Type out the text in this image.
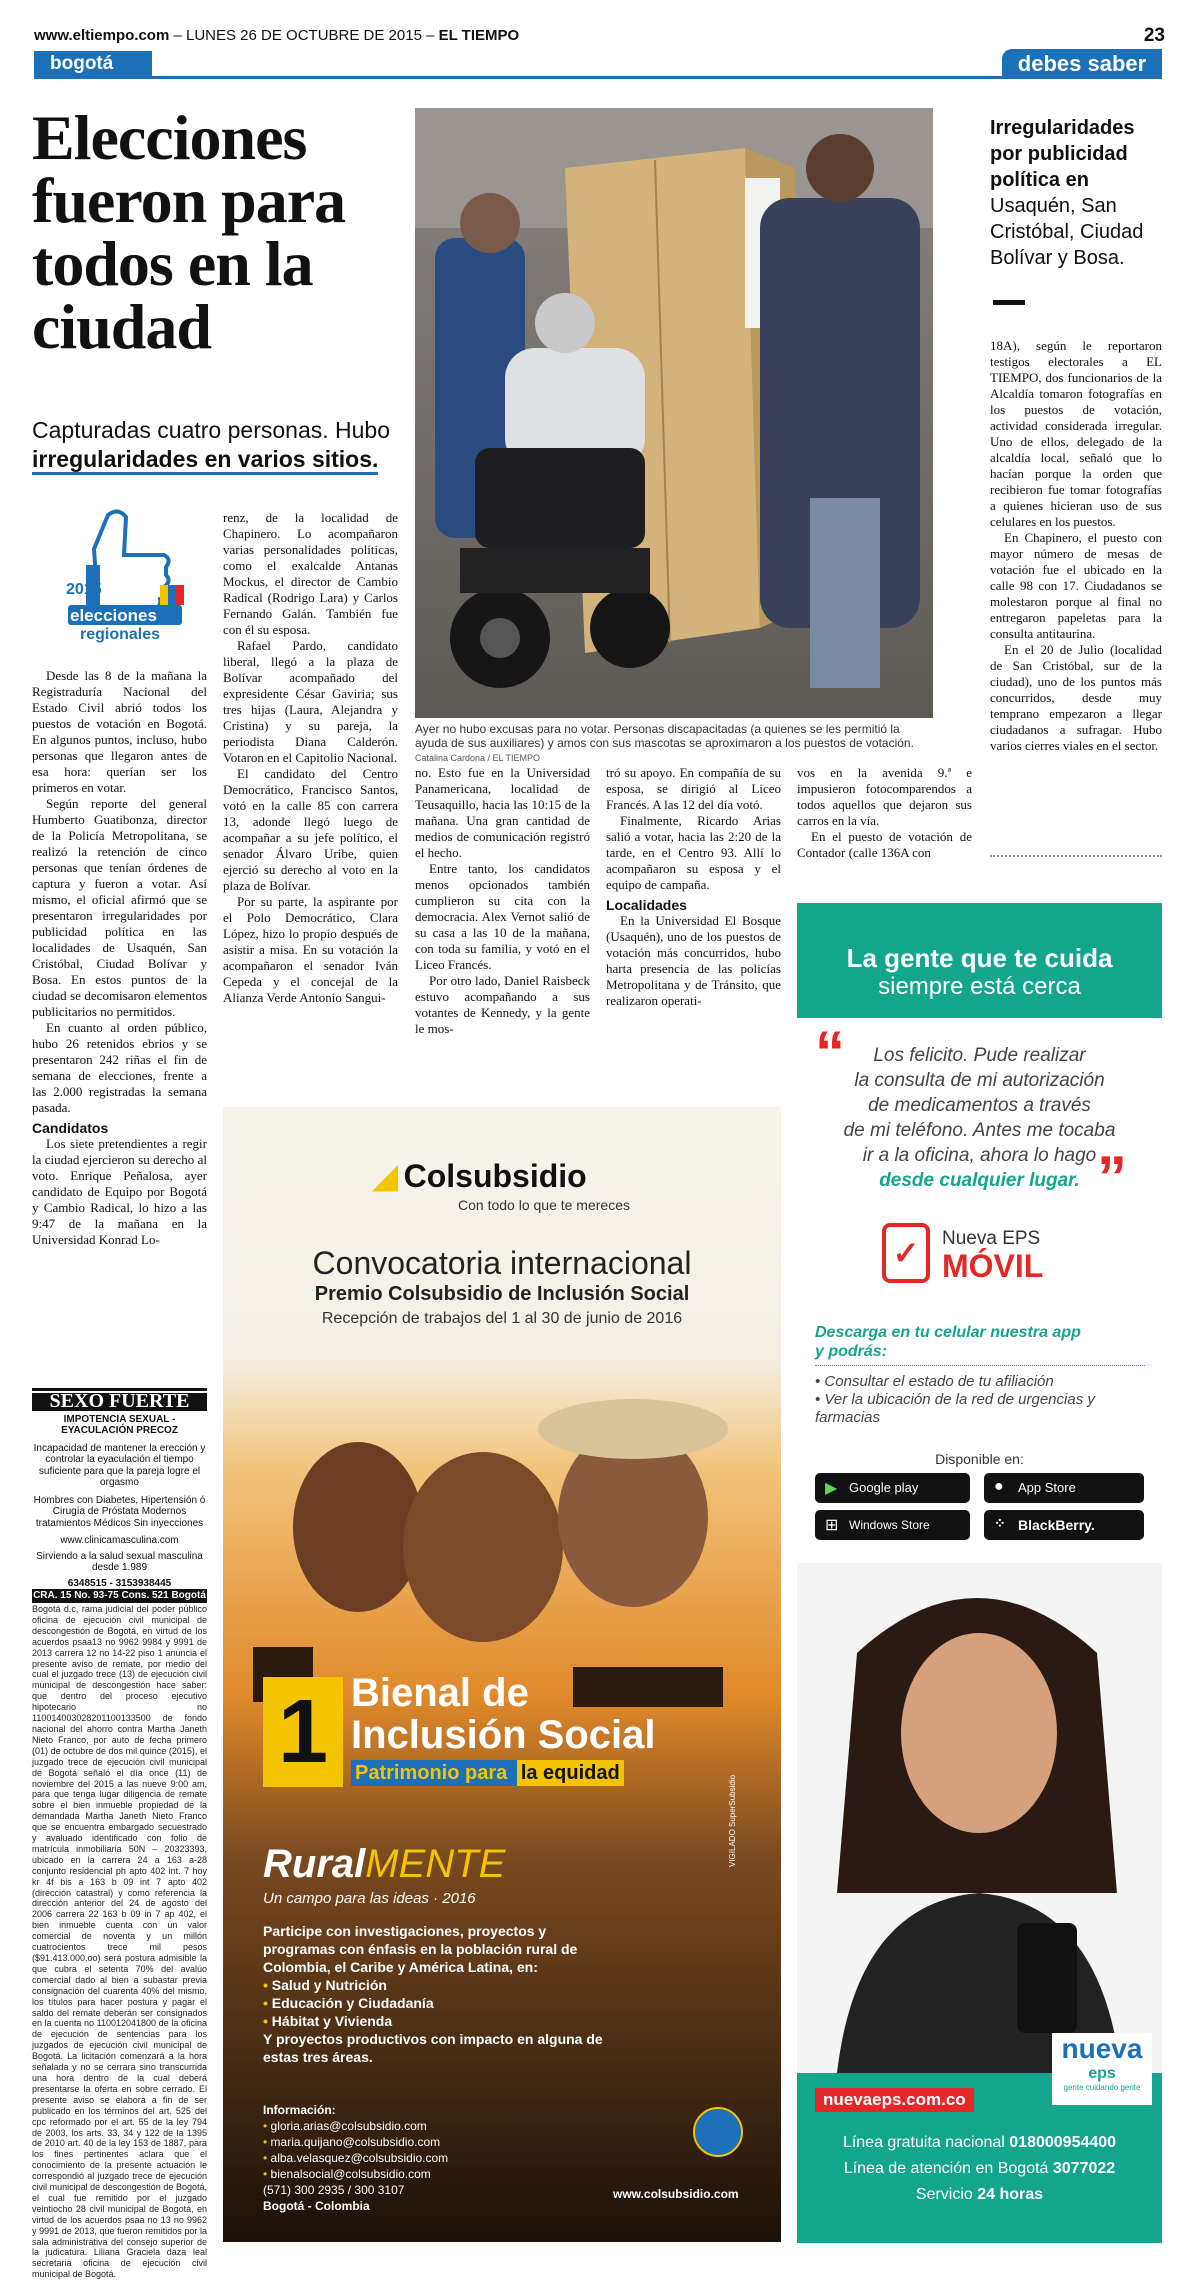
www.eltiempo.com – LUNES 26 DE OCTUBRE DE 2015 – EL TIEMPO	23
bogotá	debes saber
Elecciones fueron para todos en la ciudad
Capturadas cuatro personas. Hubo
irregularidades en varios sitios.
2015
elecciones
regionales
Ayer no hubo excusas para no votar. Personas discapacitadas (a quienes se les permitió la ayuda de sus auxiliares) y amos con sus mascotas se aproximaron a los puestos de votación. Catalina Cardona / EL TIEMPO
Irregularidades por publicidad política en
Usaquén, San Cristóbal, Ciudad Bolívar y Bosa.

Desde las 8 de la mañana la Registraduría Nacional del Estado Civil abrió todos los puestos de votación en Bogotá. En algunos puntos, incluso, hubo personas que llegaron antes de esa hora: querían ser los primeros en votar.

Según reporte del general Humberto Guatibonza, director de la Policía Metropolitana, se realizó la retención de cinco personas que tenían órdenes de captura y fueron a votar. Así mismo, el oficial afirmó que se presentaron irregularidades por publicidad política en las localidades de Usaquén, San Cristóbal, Ciudad Bolívar y Bosa. En estos puntos de la ciudad se decomisaron elementos publicitarios no permitidos.

En cuanto al orden público, hubo 26 retenidos ebrios y se presentaron 242 riñas el fin de semana de elecciones, frente a las 2.000 registradas la semana pasada.

Candidatos

Los siete pretendientes a regir la ciudad ejercieron su derecho al voto. Enrique Peñalosa, ayer candidato de Equipo por Bogotá y Cambio Radical, lo hizo a las 9:47 de la mañana en la Universidad Konrad Lo-

renz, de la localidad de Chapinero. Lo acompañaron varias personalidades políticas, como el exalcalde Antanas Mockus, el director de Cambio Radical (Rodrigo Lara) y Carlos Fernando Galán. También fue con él su esposa.

Rafael Pardo, candidato liberal, llegó a la plaza de Bolívar acompañado del expresidente César Gaviria; sus tres hijas (Laura, Alejandra y Cristina) y su pareja, la periodista Diana Calderón. Votaron en el Capitolio Nacional.

El candidato del Centro Democrático, Francisco Santos, votó en la calle 85 con carrera 13, adonde llegó luego de acompañar a su jefe político, el senador Álvaro Uribe, quien ejerció su derecho al voto en la plaza de Bolívar.

Por su parte, la aspirante por el Polo Democrático, Clara López, hizo lo propio después de asistir a misa. En su votación la acompañaron el senador Iván Cepeda y el concejal de la Alianza Verde Antonio Sangui-

no. Esto fue en la Universidad Panamericana, localidad de Teusaquillo, hacia las 10:15 de la mañana. Una gran cantidad de medios de comunicación registró el hecho.

Entre tanto, los candidatos menos opcionados también cumplieron su cita con la democracia. Alex Vernot salió de su casa a las 10 de la mañana, con toda su familia, y votó en el Liceo Francés.

Por otro lado, Daniel Raisbeck estuvo acompañando a sus votantes de Kennedy, y la gente le mos-

tró su apoyo. En compañía de su esposa, se dirigió al Liceo Francés. A las 12 del día votó.

Finalmente, Ricardo Arias salió a votar, hacia las 2:20 de la tarde, en el Centro 93. Allí lo acompañaron su esposa y el equipo de campaña.

Localidades

En la Universidad El Bosque (Usaquén), uno de los puestos de votación más concurridos, hubo harta presencia de las policías Metropolitana y de Tránsito, que realizaron operati-

vos en la avenida 9.ª e impusieron fotocomparendos a todos aquellos que dejaron sus carros en la vía.

En el puesto de votación de Contador (calle 136A con

18A), según le reportaron testigos electorales a EL TIEMPO, dos funcionarios de la Alcaldía tomaron fotografías en los puestos de votación, actividad considerada irregular. Uno de ellos, delegado de la alcaldía local, señaló que lo hacían porque la orden que recibieron fue tomar fotografías a quienes hicieran uso de sus celulares en los puestos.

En Chapinero, el puesto con mayor número de mesas de votación fue el ubicado en la calle 98 con 17. Ciudadanos se molestaron porque al final no entregaron papeletas para la consulta antitaurina.

En el 20 de Julio (localidad de San Cristóbal, sur de la ciudad), uno de los puntos más concurridos, desde muy temprano empezaron a llegar ciudadanos a sufragar. Hubo varios cierres viales en el sector.

SEXO FUERTE
IMPOTENCIA SEXUAL - EYACULACIÓN PRECOZ
Incapacidad de mantener la erección y controlar la eyaculación el tiempo suficiente para que la pareja logre el orgasmo
Hombres con Diabetes, Hipertensión ó Cirugía de Próstata Modernos tratamientos Médicos Sin inyecciones
www.clinicamasculina.com
Sirviendo a la salud sexual masculina desde 1.989
6348515 - 3153938445
CRA. 15 No. 93-75 Cons. 521 Bogotá
Bogotá d.c, rama judicial del poder público oficina de ejecución civil municipal de descongestión de Bogotá, en virtud de los acuerdos psaa13 no 9962 9984 y 9991 de 2013 carrera 12 no 14-22 piso 1 anuncia el presente aviso de remate, por medio del cual el juzgado trece (13) de ejecución civil municipal de descongestión hace saber: que dentro del proceso ejecutivo hipotecario no 110014003028201100133500 de fondo nacional del ahorro contra Martha Janeth Nieto Franco, por auto de fecha primero (01) de octubre de dos mil quince (2015), el juzgado trece de ejecución civil municipal de Bogotá señaló el día once (11) de noviembre del 2015 a las nueve 9:00 am, para que tenga lugar diligencia de remate sobre el bien inmueble propiedad de la demandada Martha Janeth Nieto Franco que se encuentra embargado secuestrado y avaluado identificado con folio de matrícula inmobiliaria 50N – 20323393, ubicado en la carrera 24 a 163 a-28 conjunto residencial ph apto 402 int. 7 hoy kr 4f bis a 163 b 09 int 7 apto 402 (dirección catastral) y como referencia la dirección anterior del 24 de agosto del 2006 carrera 22 163 b 09 in 7 ap 402, el bien inmueble cuenta con un valor comercial de noventa y un millón cuatrocientos trece mil pesos ($91.413.000.oo) será postura admisible la que cubra el setenta 70% del avalúo comercial dado al bien a subastar previa consignación del cuarenta 40% del mismo, los títulos para hacer postura y pagar el saldo del remate deberán ser consignados en la cuenta no 110012041800 de la oficina de ejecución de sentencias para los juzgados de ejecución civil municipal de Bogotá. La licitación comenzará a la hora señalada y no se cerrara sino transcurrida una hora dentro de la cual deberá presentarse la oferta en sobre cerrado. El presente aviso se elabora a fin de ser publicado en los términos del art. 525 del cpc reformado por el art. 55 de la ley 794 de 2003, los arts. 33, 34 y 122 de la 1395 de 2010 art. 40 de la ley 153 de 1887, para los fines pertinentes aclara que el conocimiento de la presente actuación le correspondió al juzgado trece de ejecución civil municipal de descongestión de Bogotá, el cual fue remitido por el juzgado veintiocho 28 civil municipal de Bogotá, en virtud de los acuerdos psaa no 13 no 9962 y 9991 de 2013, que fueron remitidos por la sala administrativa del consejo superior de la judicatura. Liliana Graciela daza leal secretaria oficina de ejecución civil municipal de Bogotá.
◢ Colsubsidio
Con todo lo que te mereces
Convocatoria internacional
Premio Colsubsidio de Inclusión Social
Recepción de trabajos del 1 al 30 de junio de 2016
1 Bienal de
Inclusión Social
Patrimonio para la equidad
RuralMENTE
Un campo para las ideas · 2016
Participe con investigaciones, proyectos y programas con énfasis en la población rural de Colombia, el Caribe y América Latina, en:
• Salud y Nutrición
• Educación y Ciudadanía
• Hábitat y Vivienda
Y proyectos productivos con impacto en alguna de estas tres áreas.
Información:
• gloria.arias@colsubsidio.com
• maria.quijano@colsubsidio.com
• alba.velasquez@colsubsidio.com
• bienalsocial@colsubsidio.com
(571) 300 2935 / 300 3107
Bogotá - Colombia
www.colsubsidio.com
VIGILADO SuperSubsidio
La gente que te cuida
siempre está cerca
“	Los felicito. Pude realizar
la consulta de mi autorización
de medicamentos a través
de mi teléfono. Antes me tocaba
ir a la oficina, ahora lo hago
desde cualquier lugar. ”
✓	Nueva EPS
MÓVIL
Descarga en tu celular nuestra app
y podrás:
• Consultar el estado de tu afiliación
• Ver la ubicación de la red de urgencias y farmacias
Disponible en:
▶ Google play	● App Store
⊞ Windows Store	⁘ BlackBerry.
nuevaeps.com.co
nueva
eps
gente cuidando gente
Línea gratuita nacional 018000954400
Línea de atención en Bogotá 3077022
Servicio 24 horas
